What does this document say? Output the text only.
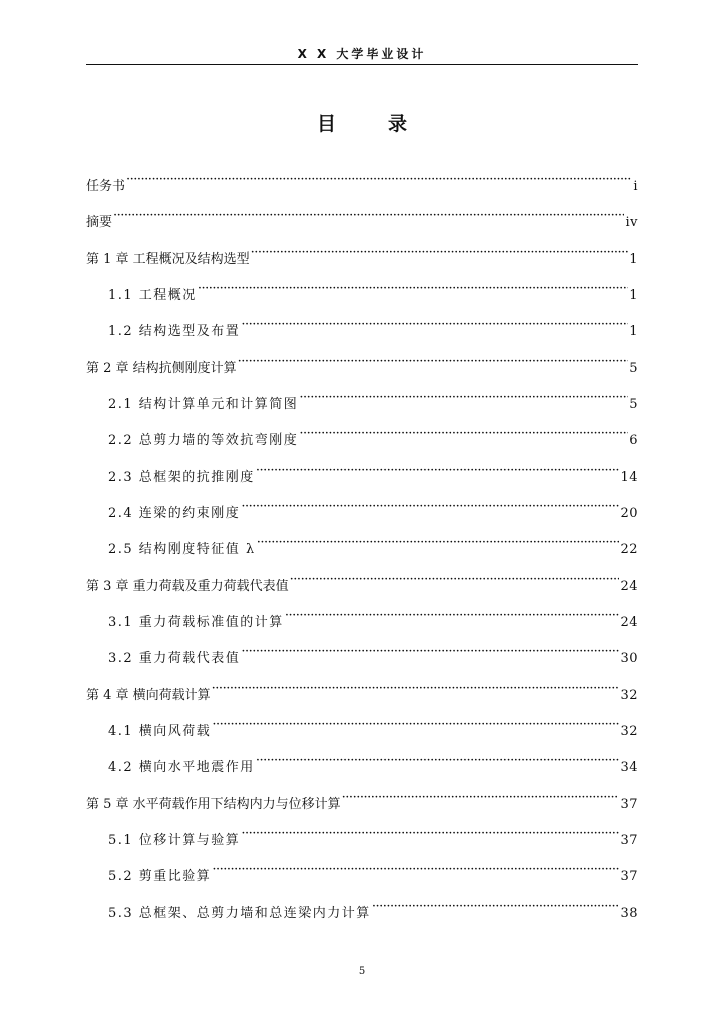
X X 大学毕业设计
目录
任务书 ·····	i
摘要 ·····	iv
第 1 章 工程概况及结构选型 ·····	1
1.1 工程概况 ·····	1
1.2 结构选型及布置 ·····	1
第 2 章 结构抗侧刚度计算 ·····	5
2.1 结构计算单元和计算简图 ·····	5
2.2 总剪力墙的等效抗弯刚度 ·····	6
2.3 总框架的抗推刚度 ·····	14
2.4 连梁的约束刚度 ·····	20
2.5 结构刚度特征值 λ ·····	22
第 3 章 重力荷载及重力荷载代表值 ·····	24
3.1 重力荷载标准值的计算 ·····	24
3.2 重力荷载代表值 ·····	30
第 4 章 横向荷载计算 ·····	32
4.1 横向风荷载 ·····	32
4.2 横向水平地震作用 ·····	34
第 5 章 水平荷载作用下结构内力与位移计算 ·····	37
5.1 位移计算与验算 ·····	37
5.2 剪重比验算 ·····	37
5.3 总框架、总剪力墙和总连梁内力计算 ·····	38
5
